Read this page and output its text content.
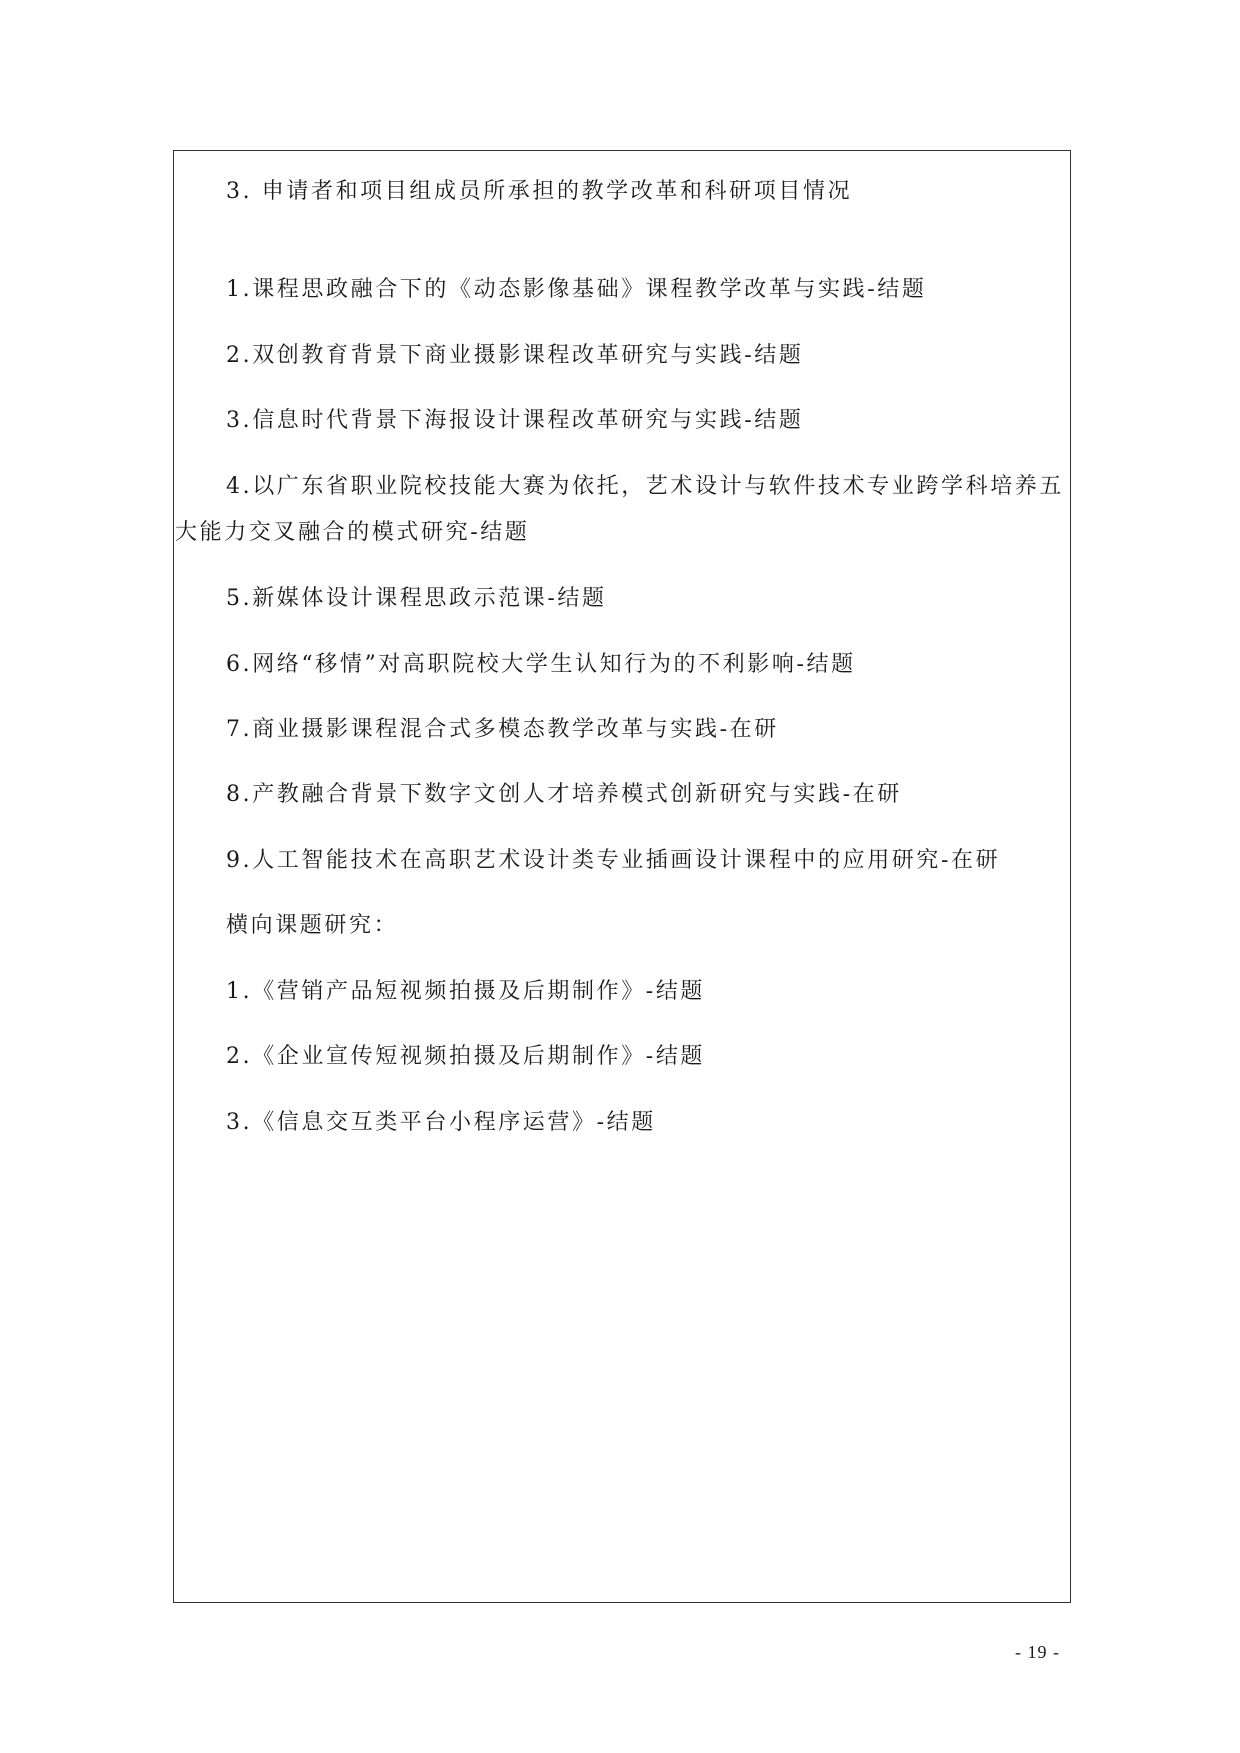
3. 申请者和项目组成员所承担的教学改革和科研项目情况
1.课程思政融合下的《动态影像基础》课程教学改革与实践-结题
2.双创教育背景下商业摄影课程改革研究与实践-结题
3.信息时代背景下海报设计课程改革研究与实践-结题
4.以广东省职业院校技能大赛为依托，艺术设计与软件技术专业跨学科培养五
大能力交叉融合的模式研究-结题
5.新媒体设计课程思政示范课-结题
6.网络“移情”对高职院校大学生认知行为的不利影响-结题
7.商业摄影课程混合式多模态教学改革与实践-在研
8.产教融合背景下数字文创人才培养模式创新研究与实践-在研
9.人工智能技术在高职艺术设计类专业插画设计课程中的应用研究-在研
横向课题研究：
1.《营销产品短视频拍摄及后期制作》-结题
2.《企业宣传短视频拍摄及后期制作》-结题
3.《信息交互类平台小程序运营》-结题
- 19 -
